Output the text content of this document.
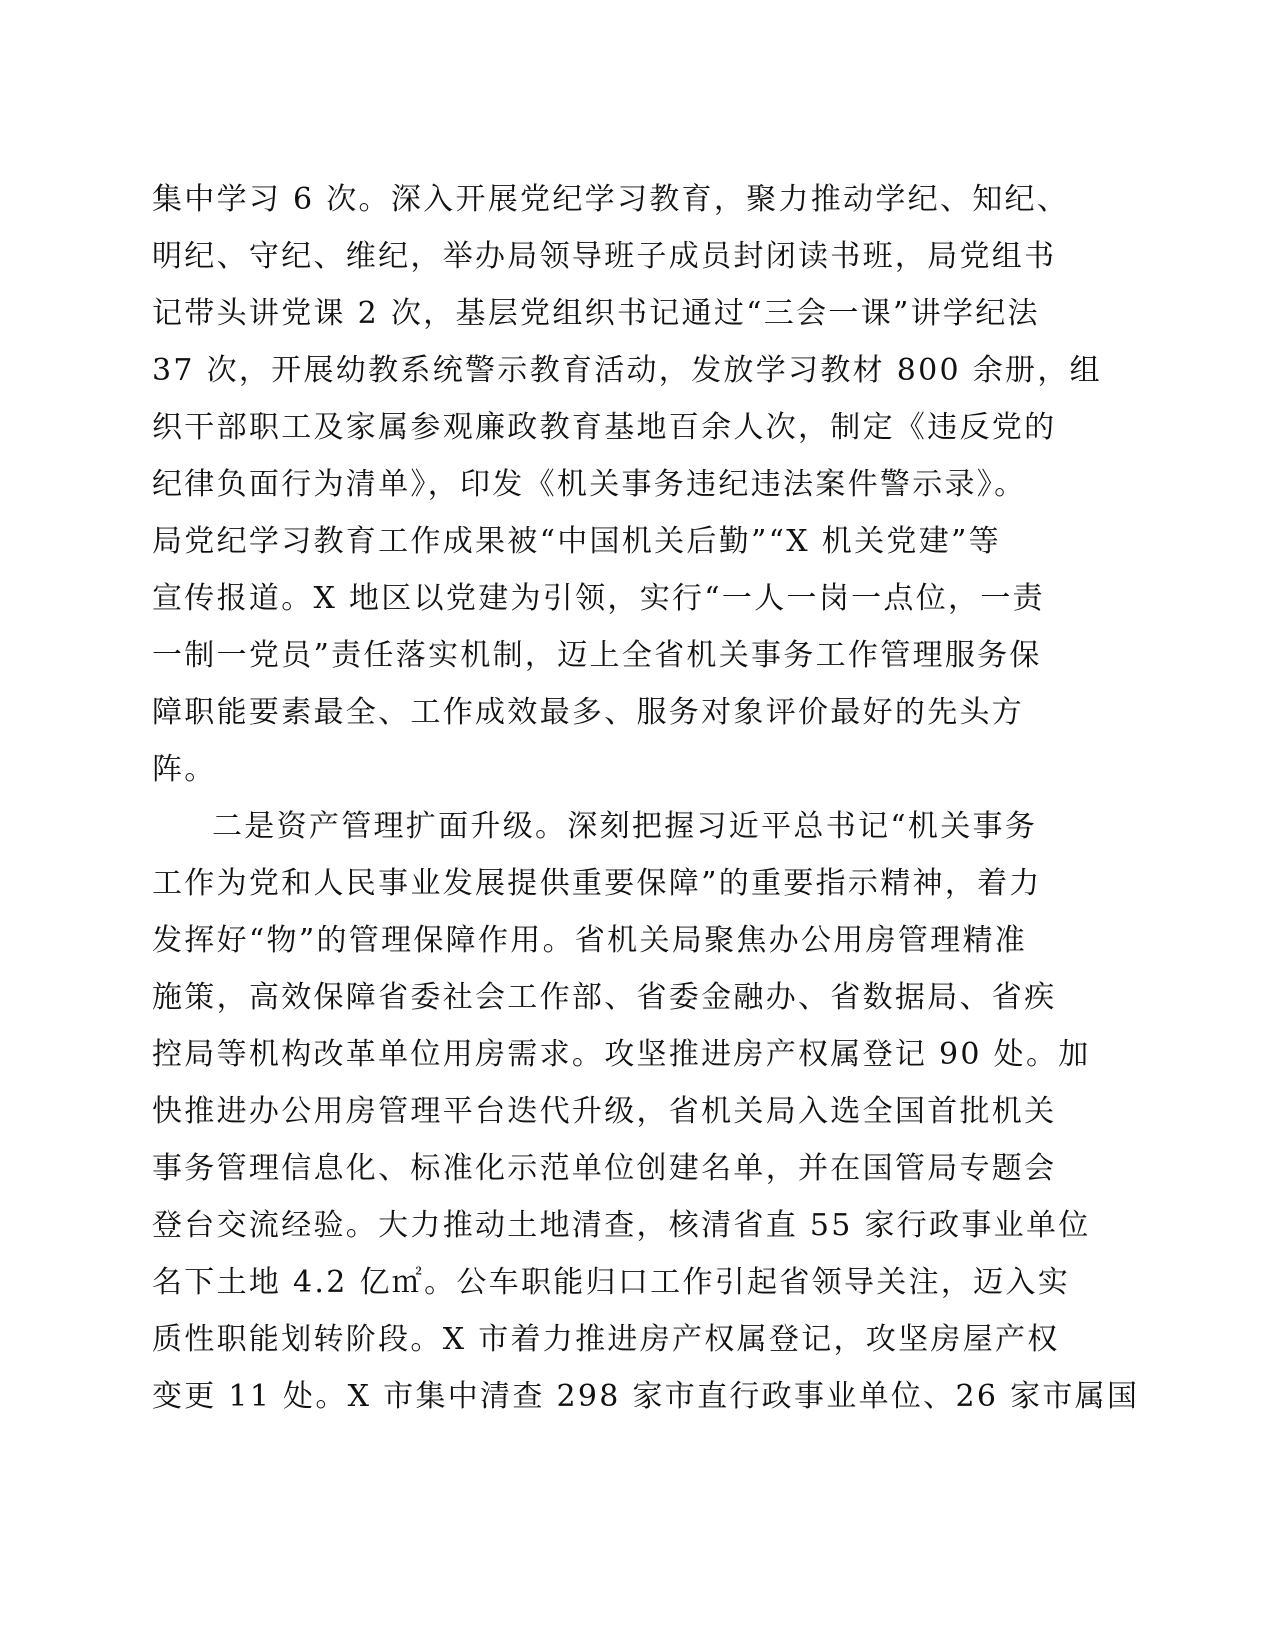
集中学习 6 次。深入开展党纪学习教育，聚力推动学纪、知纪、
明纪、守纪、维纪，举办局领导班子成员封闭读书班，局党组书
记带头讲党课 2 次，基层党组织书记通过“三会一课”讲学纪法
37 次，开展幼教系统警示教育活动，发放学习教材 800 余册，组
织干部职工及家属参观廉政教育基地百余人次，制定《违反党的
纪律负面行为清单》，印发《机关事务违纪违法案件警示录》。
局党纪学习教育工作成果被“中国机关后勤”“X 机关党建”等
宣传报道。X 地区以党建为引领，实行“一人一岗一点位，一责
一制一党员”责任落实机制，迈上全省机关事务工作管理服务保
障职能要素最全、工作成效最多、服务对象评价最好的先头方
阵。
二是资产管理扩面升级。深刻把握习近平总书记“机关事务
工作为党和人民事业发展提供重要保障”的重要指示精神，着力
发挥好“物”的管理保障作用。省机关局聚焦办公用房管理精准
施策，高效保障省委社会工作部、省委金融办、省数据局、省疾
控局等机构改革单位用房需求。攻坚推进房产权属登记 90 处。加
快推进办公用房管理平台迭代升级，省机关局入选全国首批机关
事务管理信息化、标准化示范单位创建名单，并在国管局专题会
登台交流经验。大力推动土地清查，核清省直 55 家行政事业单位
名下土地 4.2 亿㎡。公车职能归口工作引起省领导关注，迈入实
质性职能划转阶段。X 市着力推进房产权属登记，攻坚房屋产权
变更 11 处。X 市集中清查 298 家市直行政事业单位、26 家市属国
